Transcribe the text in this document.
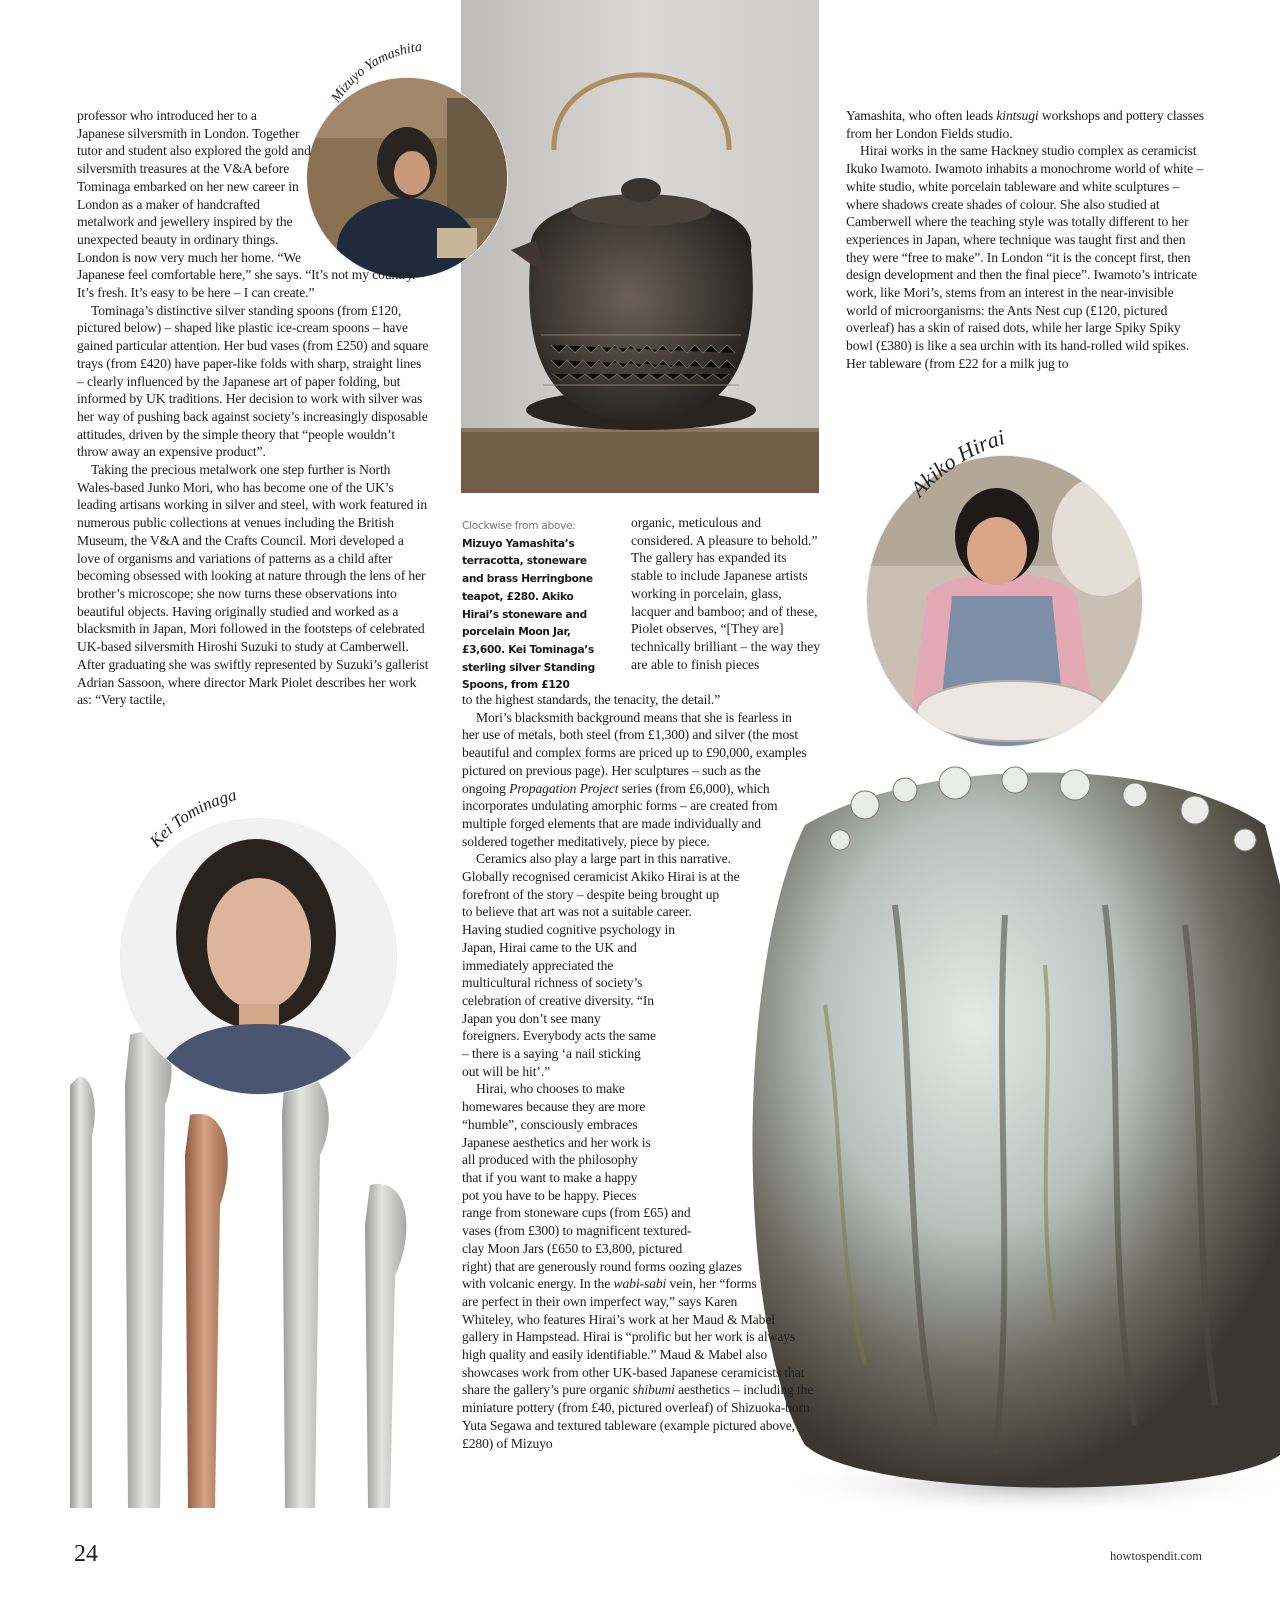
Mizuyo Yamashita
Akiko Hirai
Kei Tominaga

professor who introduced her to a Japanese silversmith in London. Together tutor and student also explored the gold and silversmith treasures at the V&A before Tominaga embarked on her new career in London as a maker of handcrafted metalwork and jewellery inspired by the unexpected beauty in ordinary things. London is now very much her home. “We Japanese feel comfortable here,” she says. “It’s not my country. It’s fresh. It’s easy to be here – I can create.”

Tominaga’s distinctive silver standing spoons (from £120, pictured below) – shaped like plastic ice-cream spoons – have gained particular attention. Her bud vases (from £250) and square trays (from £420) have paper-like folds with sharp, straight lines – clearly influenced by the Japanese art of paper folding, but informed by UK traditions. Her decision to work with silver was her way of pushing back against society’s increasingly disposable attitudes, driven by the simple theory that “people wouldn’t throw away an expensive product”.

Taking the precious metalwork one step further is North Wales-based Junko Mori, who has become one of the UK’s leading artisans working in silver and steel, with work featured in numerous public collections at venues including the British Museum, the V&A and the Crafts Council. Mori developed a love of organisms and variations of patterns as a child after becoming obsessed with looking at nature through the lens of her brother’s microscope; she now turns these observations into beautiful objects. Having originally studied and worked as a blacksmith in Japan, Mori followed in the footsteps of celebrated UK-based silversmith Hiroshi Suzuki to study at Camberwell. After graduating she was swiftly represented by Suzuki’s gallerist Adrian Sassoon, where director Mark Piolet describes her work as: “Very tactile,

Clockwise from above:
Mizuyo Yamashita’s terracotta, stoneware and brass Herringbone teapot, £280. Akiko Hirai’s stoneware and porcelain Moon Jar, £3,600. Kei Tominaga’s sterling silver Standing Spoons, from £120

organic, meticulous and considered. A pleasure to behold.” The gallery has expanded its stable to include Japanese artists working in porcelain, glass, lacquer and bamboo; and of these, Piolet observes, “[They are] technically brilliant – the way they are able to finish pieces

to the highest standards, the tenacity, the detail.”

Mori’s blacksmith background means that she is fearless in her use of metals, both steel (from £1,300) and silver (the most beautiful and complex forms are priced up to £90,000, examples pictured on previous page). Her sculptures – such as the ongoing Propagation Project series (from £6,000), which incorporates undulating amorphic forms – are created from multiple forged elements that are made individually and soldered together meditatively, piece by piece.

Ceramics also play a large part in this narrative. Globally recognised ceramicist Akiko Hirai is at the forefront of the story – despite being brought up to believe that art was not a suitable career. Having studied cognitive psychology in Japan, Hirai came to the UK and immediately appreciated the multicultural richness of society’s celebration of creative diversity. “In Japan you don’t see many foreigners. Everybody acts the same – there is a saying ‘a nail sticking out will be hit’.”

Hirai, who chooses to make homewares because they are more “humble”, consciously embraces Japanese aesthetics and her work is all produced with the philosophy that if you want to make a happy pot you have to be happy. Pieces range from stoneware cups (from £65) and vases (from £300) to magnificent textured-clay Moon Jars (£650 to £3,800, pictured right) that are generously round forms oozing glazes with volcanic energy. In the wabi-sabi vein, her “forms are perfect in their own imperfect way,” says Karen Whiteley, who features Hirai’s work at her Maud & Mabel gallery in Hampstead. Hirai is “prolific but her work is always high quality and easily identifiable.” Maud & Mabel also showcases work from other UK-based Japanese ceramicists that share the gallery’s pure organic shibumi aesthetics – including the miniature pottery (from £40, pictured overleaf) of Shizuoka-born Yuta Segawa and textured tableware (example pictured above, £280) of Mizuyo

Yamashita, who often leads kintsugi workshops and pottery classes from her London Fields studio.

Hirai works in the same Hackney studio complex as ceramicist Ikuko Iwamoto. Iwamoto inhabits a monochrome world of white – white studio, white porcelain tableware and white sculptures – where shadows create shades of colour. She also studied at Camberwell where the teaching style was totally different to her experiences in Japan, where technique was taught first and then they were “free to make”. In London “it is the concept first, then design development and then the final piece”. Iwamoto’s intricate work, like Mori’s, stems from an interest in the near-invisible world of microorganisms: the Ants Nest cup (£120, pictured overleaf) has a skin of raised dots, while her large Spiky Spiky bowl (£380) is like a sea urchin with its hand-rolled wild spikes. Her tableware (from £22 for a milk jug to

24	howtospendit.com
